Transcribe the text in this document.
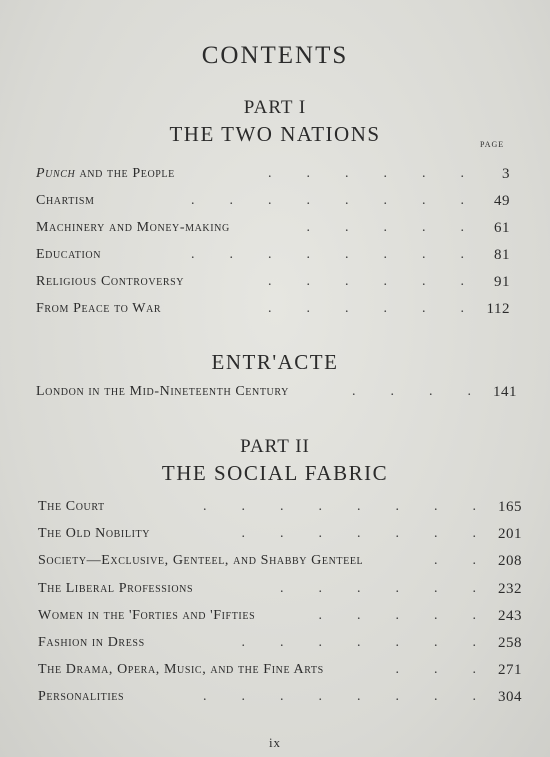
CONTENTS
PART I
THE TWO NATIONS	PAGE
Punch and the People	3
.          .          .          .          .          .
Chartism	49
.          .          .          .          .          .          .          .
Machinery and Money-making	61
.          .          .          .          .
Education	81
.          .          .          .          .          .          .          .
Religious Controversy	91
.          .          .          .          .          .
From Peace to War	112
.          .          .          .          .          .
ENTR'ACTE
London in the Mid-Nineteenth Century	141
.          .          .          .
PART II
THE SOCIAL FABRIC
The Court	165
.          .          .          .          .          .          .          .
The Old Nobility	201
.          .          .          .          .          .          .
Society—Exclusive, Genteel, and Shabby Genteel	208
.          .
The Liberal Professions	232
.          .          .          .          .          .
Women in the 'Forties and 'Fifties	243
.          .          .          .          .
Fashion in Dress	258
.          .          .          .          .          .          .
The Drama, Opera, Music, and the Fine Arts	271
.          .          .
Personalities	304
.          .          .          .          .          .          .          .
ix
